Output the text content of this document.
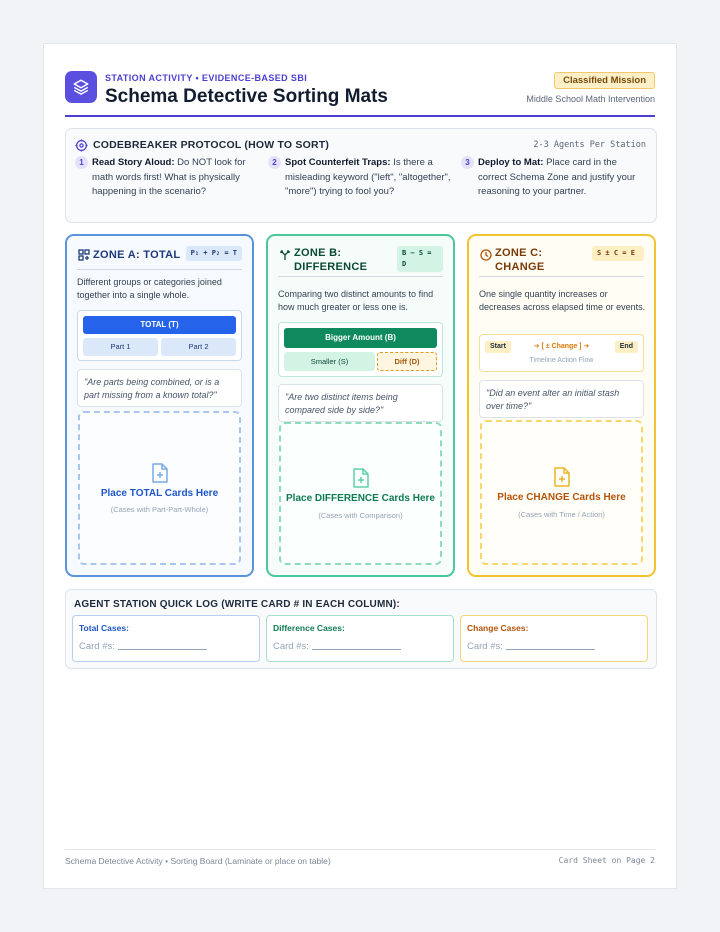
STATION ACTIVITY • EVIDENCE-BASED SBI
Schema Detective Sorting Mats
Classified Mission
Middle School Math Intervention
CODEBREAKER PROTOCOL (HOW TO SORT)	2-3 Agents Per Station
1 Read Story Aloud: Do NOT look for math words first! What is physically happening in the scenario?
2 Spot Counterfeit Traps: Is there a misleading keyword ("left", "altogether", "more") trying to fool you?
3 Deploy to Mat: Place card in the correct Schema Zone and justify your reasoning to your partner.
ZONE A: TOTAL	P₁ + P₂ = T
Different groups or categories joined together into a single whole.
TOTAL (T)
Part 1	Part 2
"Are parts being combined, or is a part missing from a known total?"
Place TOTAL Cards Here
(Cases with Part-Part-Whole)
ZONE B: DIFFERENCE
B − S = D
Comparing two distinct amounts to find how much greater or less one is.
Bigger Amount (B)
Smaller (S)	Diff (D)
"Are two distinct items being compared side by side?"
Place DIFFERENCE Cards Here
(Cases with Comparison)
ZONE C: CHANGE
S ± C = E
One single quantity increases or decreases across elapsed time or events.
Start	➔ [ ± Change ] ➔	End
Timeline Action Flow
"Did an event alter an initial stash over time?"
Place CHANGE Cards Here
(Cases with Time / Action)
AGENT STATION QUICK LOG (WRITE CARD # IN EACH COLUMN):
Total Cases:
Card #s:
Difference Cases:
Card #s:
Change Cases:
Card #s:
Schema Detective Activity • Sorting Board (Laminate or place on table)	Card Sheet on Page 2
